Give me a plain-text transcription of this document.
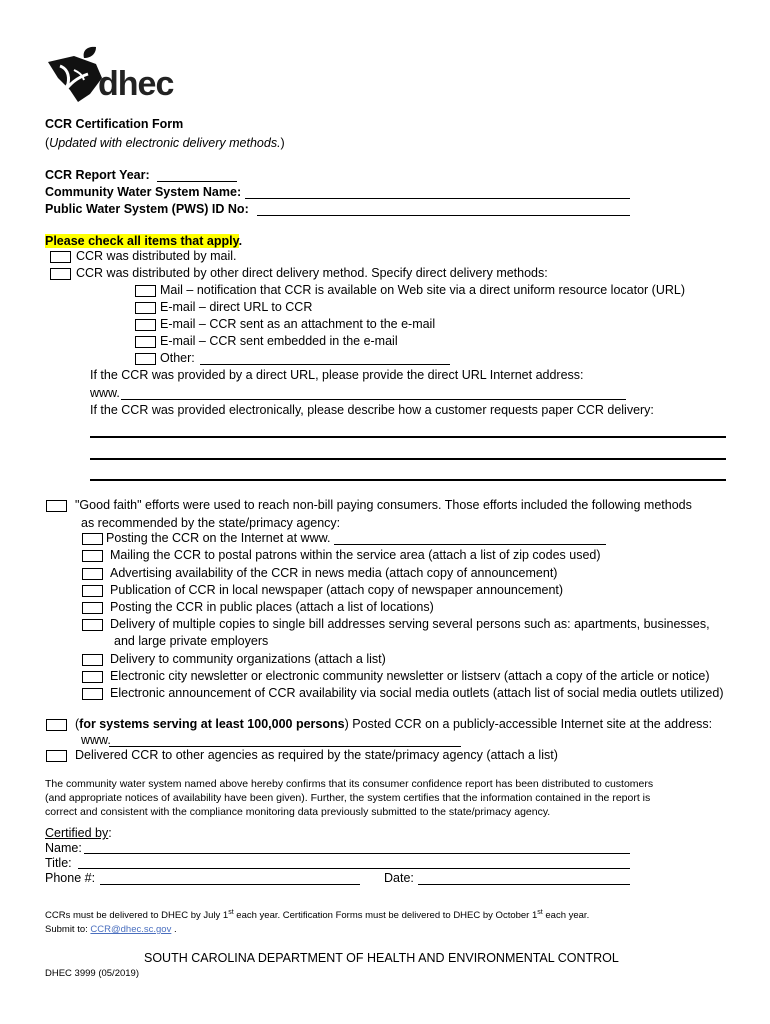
dhec
CCR Certification Form
(Updated with electronic delivery methods.)
CCR Report Year:
Community Water System Name:
Public Water System (PWS) ID No:
Please check all items that apply.
CCR was distributed by mail.
CCR was distributed by other direct delivery method. Specify direct delivery methods:
Mail – notification that CCR is available on Web site via a direct uniform resource locator (URL)
E-mail – direct URL to CCR
E-mail – CCR sent as an attachment to the e-mail
E-mail – CCR sent embedded in the e-mail
Other:
If the CCR was provided by a direct URL, please provide the direct URL Internet address:
www.
If the CCR was provided electronically, please describe how a customer requests paper CCR delivery:
"Good faith" efforts were used to reach non-bill paying consumers. Those efforts included the following methods
as recommended by the state/primacy agency:
Posting the CCR on the Internet at www.
Mailing the CCR to postal patrons within the service area (attach a list of zip codes used)
Advertising availability of the CCR in news media (attach copy of announcement)
Publication of CCR in local newspaper (attach copy of newspaper announcement)
Posting the CCR in public places (attach a list of locations)
Delivery of multiple copies to single bill addresses serving several persons such as: apartments, businesses,
and large private employers
Delivery to community organizations (attach a list)
Electronic city newsletter or electronic community newsletter or listserv (attach a copy of the article or notice)
Electronic announcement of CCR availability via social media outlets (attach list of social media outlets utilized)
(for systems serving at least 100,000 persons) Posted CCR on a publicly-accessible Internet site at the address:
www.
Delivered CCR to other agencies as required by the state/primacy agency (attach a list)
The community water system named above hereby confirms that its consumer confidence report has been distributed to customers
(and appropriate notices of availability have been given). Further, the system certifies that the information contained in the report is
correct and consistent with the compliance monitoring data previously submitted to the state/primacy agency.
Certified by:
Name:
Title:
Phone #:	Date:
CCRs must be delivered to DHEC by July 1st each year. Certification Forms must be delivered to DHEC by October 1st each year.
Submit to: CCR@dhec.sc.gov .
SOUTH CAROLINA DEPARTMENT OF HEALTH AND ENVIRONMENTAL CONTROL
DHEC 3999 (05/2019)
